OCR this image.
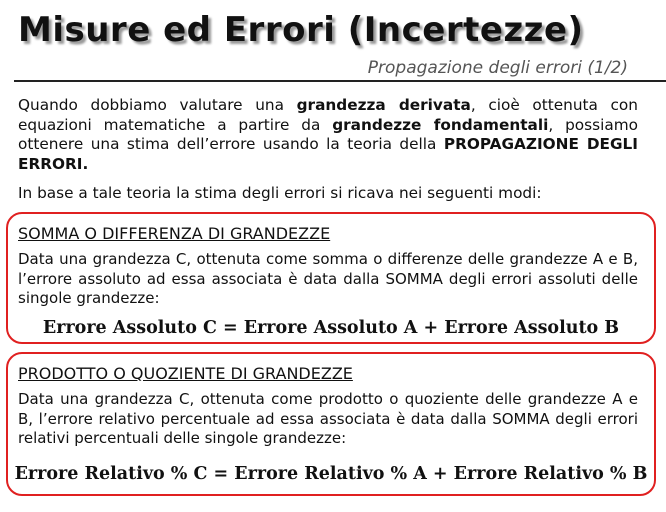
Misure ed Errori (Incertezze)
Propagazione degli errori (1/2)

Quando dobbiamo valutare una grandezza derivata, cioè ottenuta con equazioni matematiche a partire da grandezze fondamentali, possiamo ottenere una stima dell’errore usando la teoria della PROPAGAZIONE DEGLI ERRORI.

In base a tale teoria la stima degli errori si ricava nei seguenti modi:

SOMMA O DIFFERENZA DI GRANDEZZE

Data una grandezza C, ottenuta come somma o differenze delle grandezze A e B, l’errore assoluto ad essa associata è data dalla SOMMA degli errori assoluti delle singole grandezze:

Errore Assoluto C = Errore Assoluto A + Errore Assoluto B

PRODOTTO O QUOZIENTE DI GRANDEZZE

Data una grandezza C, ottenuta come prodotto o quoziente delle grandezze A e B, l’errore relativo percentuale ad essa associata è data dalla SOMMA degli errori relativi percentuali delle singole grandezze:

Errore Relativo % C = Errore Relativo % A + Errore Relativo % B
